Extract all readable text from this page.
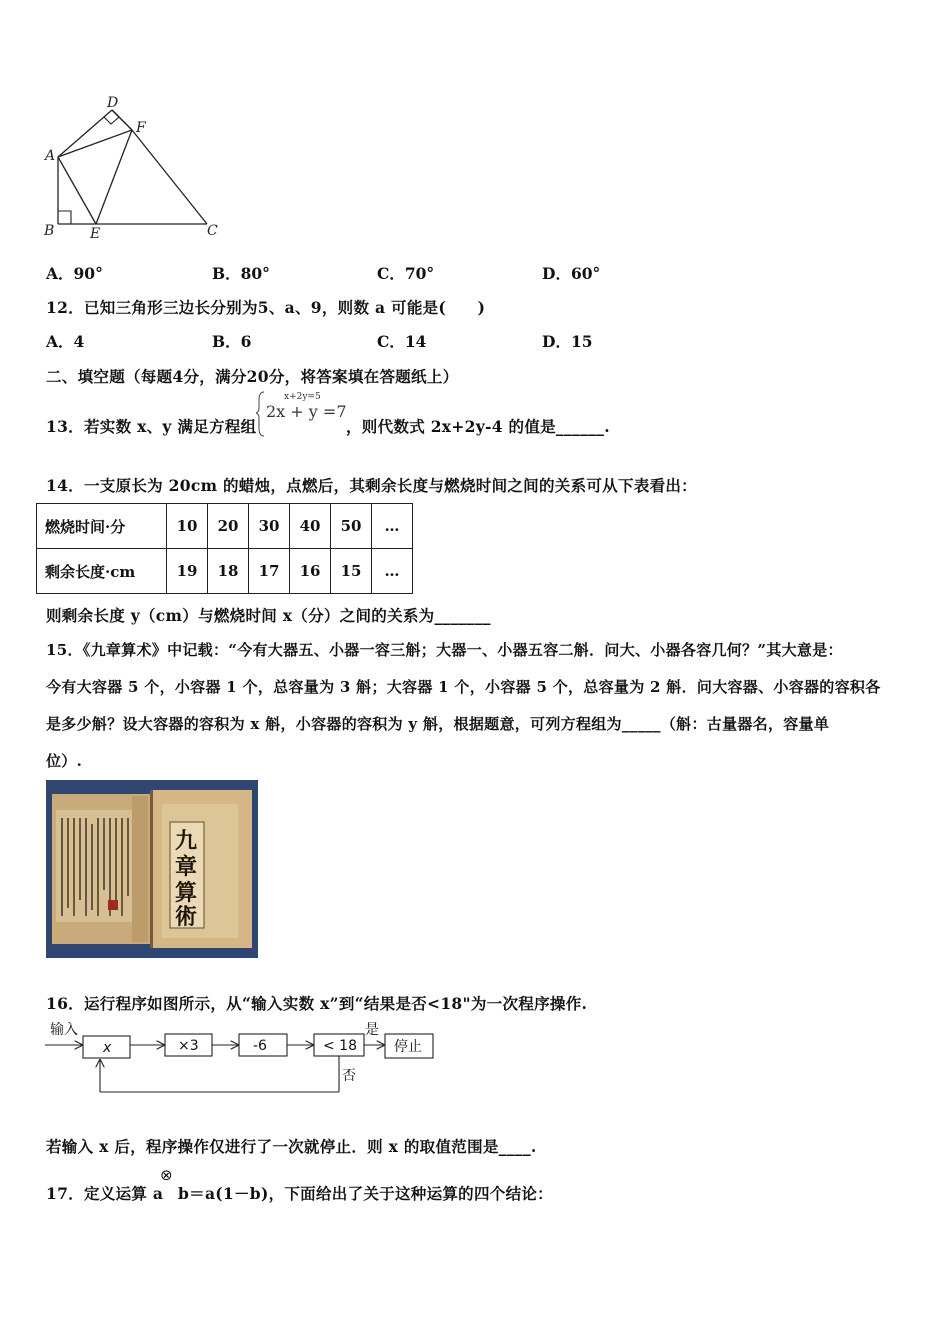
D
F
A
B	E	C
A．90°	B．80°	C．70°	D．60°
12．已知三角形三边长分别为5、a、9，则数 a 可能是(　　)
A．4	B．6	C．14	D．15
二、填空题（每题4分，满分20分，将答案填在答题纸上）
13．若实数 x、y 满足方程组
x+2y=5
2x + y =7
，则代数式 2x+2y-4 的值是______.
14．一支原长为 20cm 的蜡烛，点燃后，其剩余长度与燃烧时间之间的关系可从下表看出：
燃烧时间·分	10	20	30	40	50	…
剩余长度·cm	19	18	17	16	15	…
则剩余长度 y（cm）与燃烧时间 x（分）之间的关系为_______
15．《九章算术》中记载：“今有大器五、小器一容三斛；大器一、小器五容二斛．问大、小器各容几何？”其大意是：
今有大容器 5 个，小容器 1 个，总容量为 3 斛；大容器 1 个，小容器 5 个，总容量为 2 斛．问大容器、小容器的容积各
是多少斛？设大容器的容积为 x 斛，小容器的容积为 y 斛，根据题意，可列方程组为_____（斛：古量器名，容量单
位）.
九
章
算
術
16．运行程序如图所示，从“输入实数 x”到“结果是否<18"为一次程序操作.
输入
x	×3	-6	< 18
是
停止
否
若输入 x 后，程序操作仅进行了一次就停止．则 x 的取值范围是____.
17．定义运算 a
⊗
b＝a(1－b)，下面给出了关于这种运算的四个结论：
